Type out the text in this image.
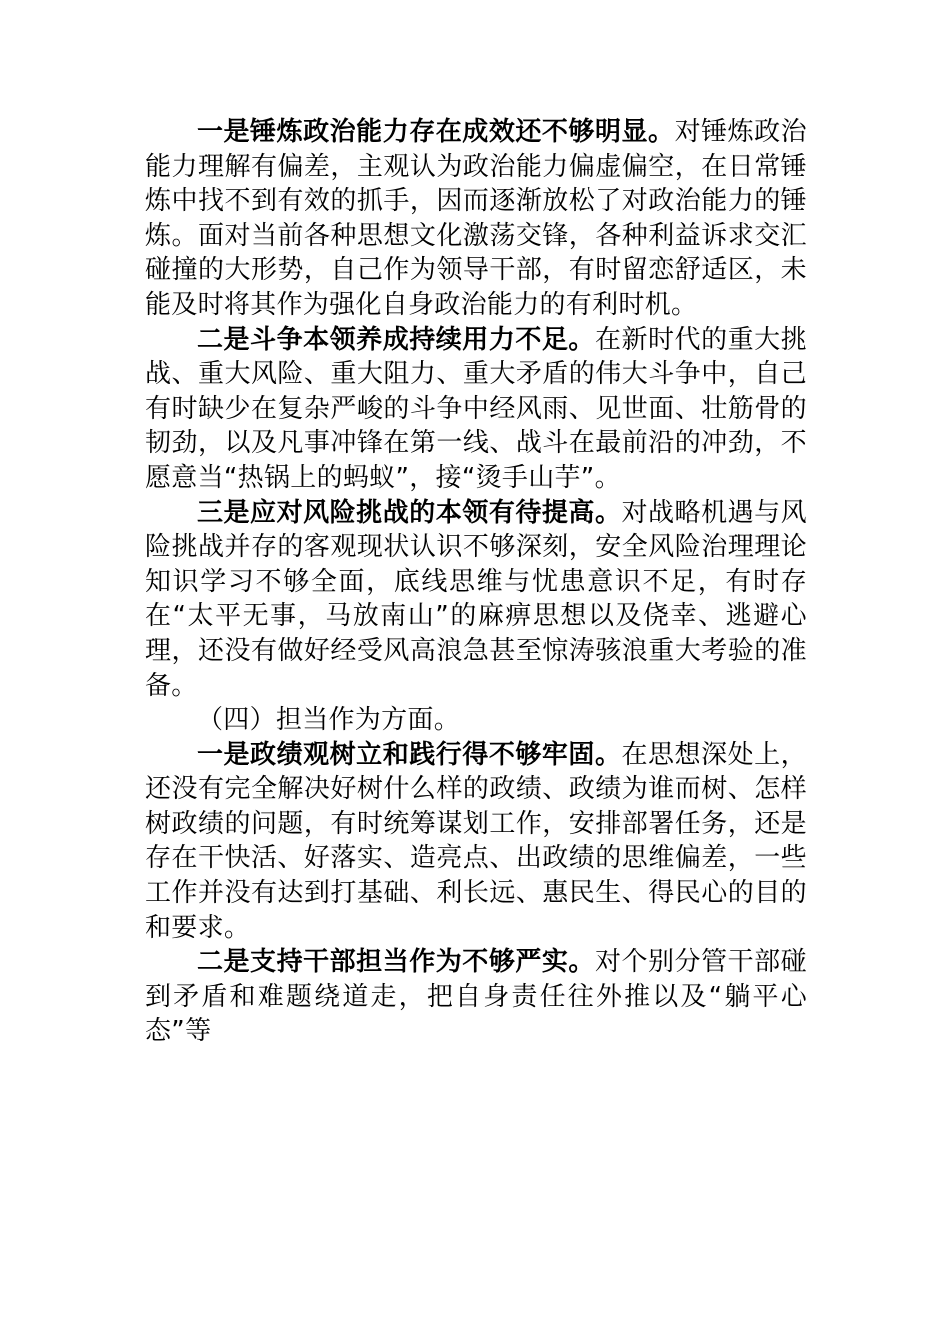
一是锤炼政治能力存在成效还不够明显。对锤炼政治能力理解有偏差，主观认为政治能力偏虚偏空，在日常锤炼中找不到有效的抓手，因而逐渐放松了对政治能力的锤炼。面对当前各种思想文化激荡交锋，各种利益诉求交汇碰撞的大形势，自己作为领导干部，有时留恋舒适区，未能及时将其作为强化自身政治能力的有利时机。

二是斗争本领养成持续用力不足。在新时代的重大挑战、重大风险、重大阻力、重大矛盾的伟大斗争中，自己有时缺少在复杂严峻的斗争中经风雨、见世面、壮筋骨的韧劲，以及凡事冲锋在第一线、战斗在最前沿的冲劲，不愿意当“热锅上的蚂蚁”，接“烫手山芋”。

三是应对风险挑战的本领有待提高。对战略机遇与风险挑战并存的客观现状认识不够深刻，安全风险治理理论知识学习不够全面，底线思维与忧患意识不足，有时存在“太平无事，马放南山”的麻痹思想以及侥幸、逃避心理，还没有做好经受风高浪急甚至惊涛骇浪重大考验的准备。

（四）担当作为方面。

一是政绩观树立和践行得不够牢固。在思想深处上，还没有完全解决好树什么样的政绩、政绩为谁而树、怎样树政绩的问题，有时统筹谋划工作，安排部署任务，还是存在干快活、好落实、造亮点、出政绩的思维偏差，一些工作并没有达到打基础、利长远、惠民生、得民心的目的和要求。

二是支持干部担当作为不够严实。对个别分管干部碰到矛盾和难题绕道走，把自身责任往外推以及“躺平心态”等
